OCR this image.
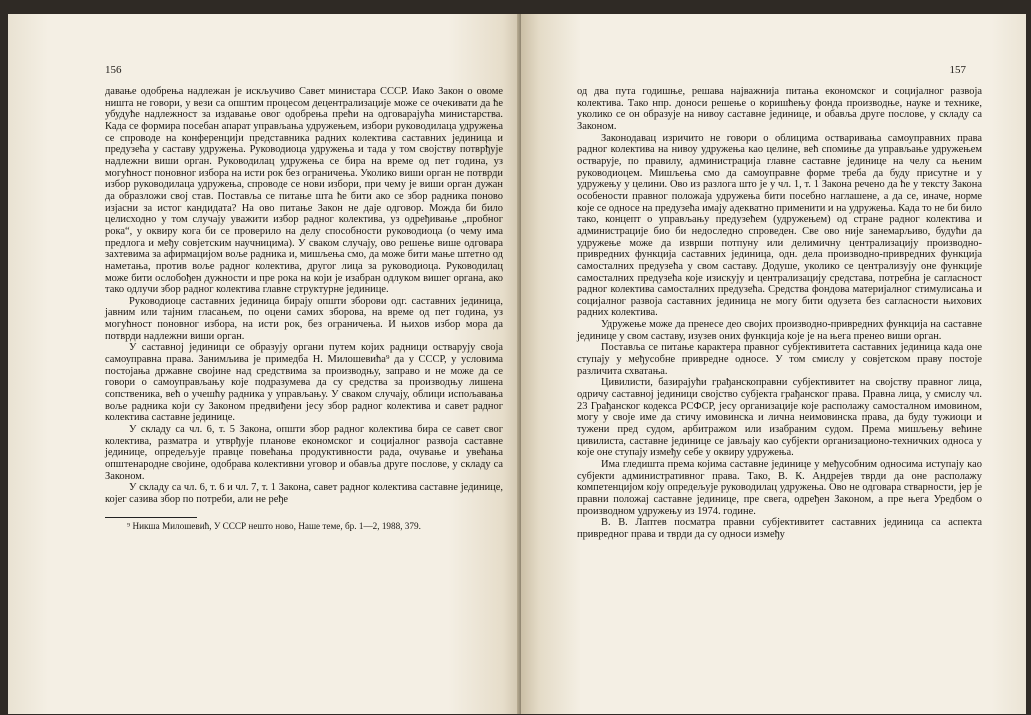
156

давање одобрења надлежан је искључиво Савет министара СССР. Иако Закон о овоме ништа не говори, у вези са општим процесом децентрализације може се очекивати да ће убудуће надлежност за издавање овог одобрења прећи на одговарајућа министарства. Када се формира посебан апарат управљања удружењем, избори руководилаца удружења се спроводе на конференцији представника радних колектива саставних јединица и предузећа у саставу удружења. Руководиоца удружења и тада у том својству потврђује надлежни виши орган. Руководилац удружења се бира на време од пет година, уз могућност поновног избора на исти рок без ограничења. Уколико виши орган не потврди избор руководилаца удружења, спроводе се нови избори, при чему је виши орган дужан да образложи свој став. Поставља се питање шта ће бити ако се збор радника поново изјасни за истог кандидата? На ово питање Закон не даје одговор. Можда би било целисходно у том случају уважити избор радног колектива, уз одређивање „пробног рока“, у оквиру кога би се проверило на делу способности руководиоца (о чему има предлога и међу совјетским научницима). У сваком случају, ово решење више одговара захтевима за афирмацијом воље радника и, мишљења смо, да може бити мање штетно од наметања, против воље радног колектива, другог лица за руководиоца. Руководилац може бити ослобођен дужности и пре рока на који је изабран одлуком вишег органа, ако тако одлучи збор радног колектива главне структурне јединице.

Руководиоце саставних јединица бирају општи збoрови одг. саставних јединица, јавним или тајним гласањем, по оцени самих збoрова, на време од пет година, уз могућност поновног избора, на исти рок, без ограничења. И њихов избор мора да потврди надлежни виши орган.

У саставној јединици се образују органи путем којих радници остварују своја самоуправна права. Занимљива је примедба Н. Милошевића⁹ да у СССР, у условима постојања државне својине над средствима за производњу, заправо и не може да се говори о самоуправљању које подразумева да су средства за производњу лишена сопственика, већ о учешћу радника у управљању. У сваком случају, облици испољавања воље радника који су Законом предвиђени јесу збор радног колектива и савет радног колектива саставне јединице.

У складу са чл. 6, т. 5 Закона, општи збор радног колектива бира се савет свог колектива, разматра и утврђује планове економског и социјалног развоја саставне јединице, опредељује правце повећања продуктивности рада, очување и увећања општенародне својине, одобрава колективни уговор и обавља друге послове, у складу са Законом.

У складу са чл. 6, т. 6 и чл. 7, т. 1 Закона, савет радног колектива саставне јединице, којег сазива збор по потреби, али не ређе

⁹ Никша Милошевић, У СССР нешто ново, Наше теме, бр. 1—2, 1988, 379.
157

од два пута годишње, решава најважнија питања економског и социјалног развоја колектива. Тако нпр. доноси решење о коришћењу фонда производње, науке и технике, уколико се он образује на нивоу саставне јединице, и обавља друге послове, у складу са Законом.

Законодавац изричито не говори о облицима остваривања самоуправних права радног колектива на нивоу удружења као целине, већ спомиње да управљање удружењем остварује, по правилу, администрација главне саставне јединице на челу са њеним руководиоцем. Мишљења смо да самоуправне форме треба да буду присутне и у удружењу у целини. Ово из разлога што је у чл. 1, т. 1 Закона речено да ће у тексту Закона особености правног положаја удружења бити посебно наглашене, а да се, иначе, норме које се односе на предузећа имају адекватно применити и на удружења. Када то не би било тако, концепт о управљању предузећем (удружењем) од стране радног колектива и администрације био би недоследно спроведен. Све ово није занемарљиво, будући да удружење може да изврши потпуну или делимичну централизацију производно-привредних функција саставних јединица, одн. дела производно-привредних функција самосталних предузећа у свом саставу. Додуше, уколико се централизују оне функције самосталних предузећа које изискују и централизацију средстава, потребна је сагласност радног колектива самосталних предузећа. Средства фондова материјалног стимулисања и социјалног развоја саставних јединица не могу бити одузета без сагласности њихових радних колектива.

Удружење може да пренесе део својих производно-привредних функција на саставне јединице у свом саставу, изузев оних функција које је на њега пренео виши орган.

Поставља се питање карактера правног субјективитета саставних јединица када оне ступају у међусобне привредне односе. У том смислу у совјетском праву постоје различита схватања.

Цивилисти, базирајући грађанскоправни субјективитет на својству правног лица, одричу саставној јединици својство субјекта грађанског права. Правна лица, у смислу чл. 23 Грађанског кодекса РСФСР, јесу организације које располажу самосталном имовином, могу у своје име да стичу имовинска и лична неимовинска права, да буду тужиоци и тужени пред судом, арбитражом или изабраним судом. Према мишљењу већине цивилиста, саставне јединице се јављају као субјекти организационо-техничких односа у које оне ступају између себе у оквиру удружења.

Има гледишта према којима саставне јединице у међусобним односима иступају као субјекти административног права. Тако, В. К. Андрејев тврди да оне располажу компетенцијом коју опредељује руководилац удружења. Ово не одговара стварности, јер је правни положај саставне јединице, пре свега, одређен Законом, а пре њега Уредбом о производном удружењу из 1974. године.

В. В. Лаптев посматра правни субјективитет саставних јединица са аспекта привредног права и тврди да су односи између
